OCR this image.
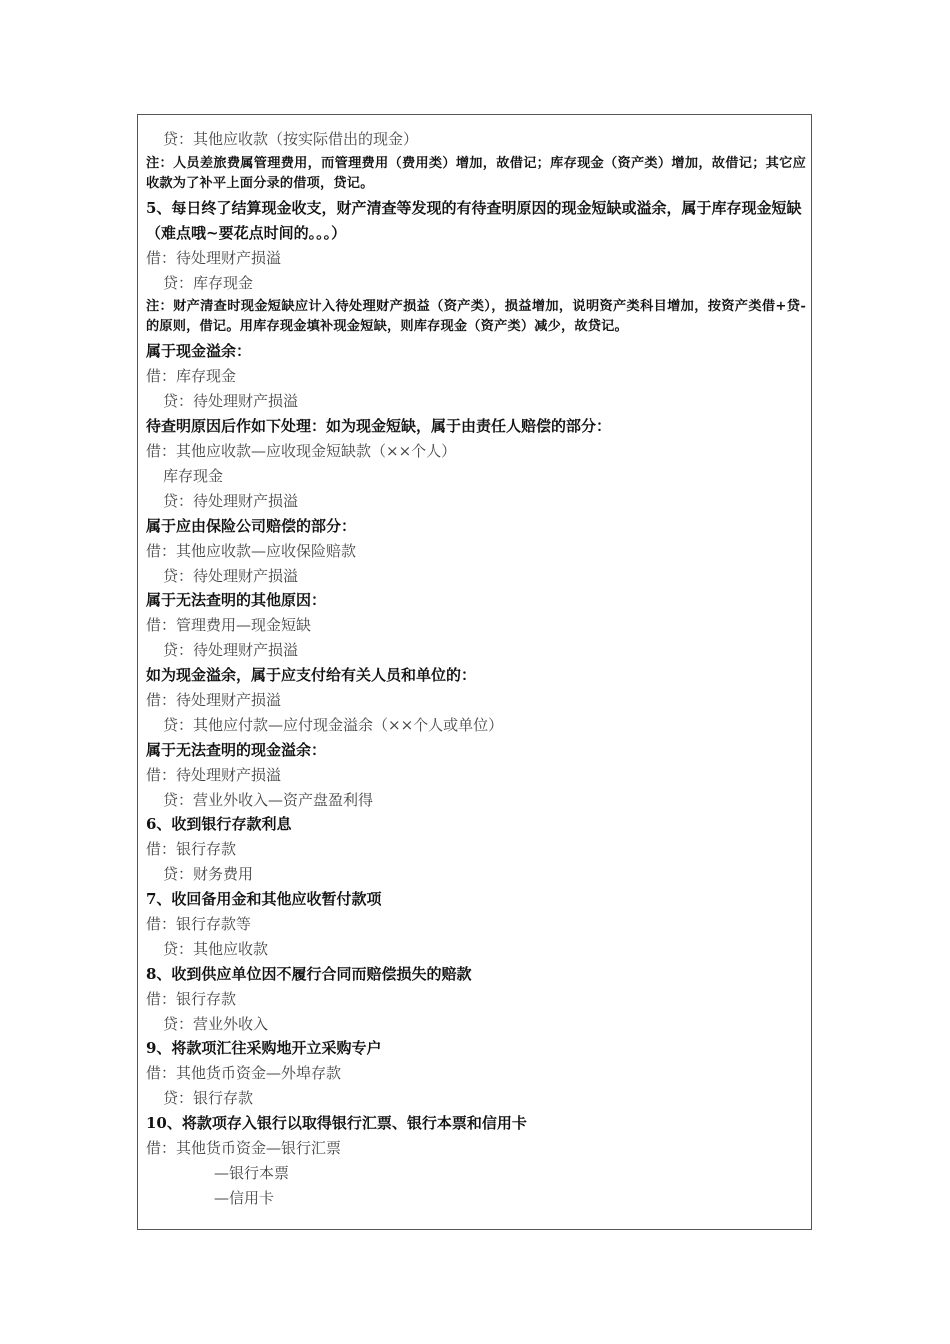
贷：其他应收款（按实际借出的现金）
注：人员差旅费属管理费用，而管理费用（费用类）增加，故借记；库存现金（资产类）增加，故借记；其它应收款为了补平上面分录的借项，贷记。
5、每日终了结算现金收支，财产清查等发现的有待查明原因的现金短缺或溢余，属于库存现金短缺 （难点哦~要花点时间的。。。）
借：待处理财产损溢
贷：库存现金
注：财产清查时现金短缺应计入待处理财产损益（资产类），损益增加，说明资产类科目增加，按资产类借+贷-的原则，借记。用库存现金填补现金短缺，则库存现金（资产类）减少，故贷记。
属于现金溢余：
借：库存现金
贷：待处理财产损溢
待查明原因后作如下处理：如为现金短缺，属于由责任人赔偿的部分：
借：其他应收款—应收现金短缺款（××个人）
库存现金
贷：待处理财产损溢
属于应由保险公司赔偿的部分：
借：其他应收款—应收保险赔款
贷：待处理财产损溢
属于无法查明的其他原因：
借：管理费用—现金短缺
贷：待处理财产损溢
如为现金溢余，属于应支付给有关人员和单位的：
借：待处理财产损溢
贷：其他应付款—应付现金溢余（××个人或单位）
属于无法查明的现金溢余：
借：待处理财产损溢
贷：营业外收入—资产盘盈利得
6、收到银行存款利息
借：银行存款
贷：财务费用
7、收回备用金和其他应收暂付款项
借：银行存款等
贷：其他应收款
8、收到供应单位因不履行合同而赔偿损失的赔款
借：银行存款
贷：营业外收入
9、将款项汇往采购地开立采购专户
借：其他货币资金—外埠存款
贷：银行存款
10、将款项存入银行以取得银行汇票、银行本票和信用卡
借：其他货币资金—银行汇票
—银行本票
—信用卡
